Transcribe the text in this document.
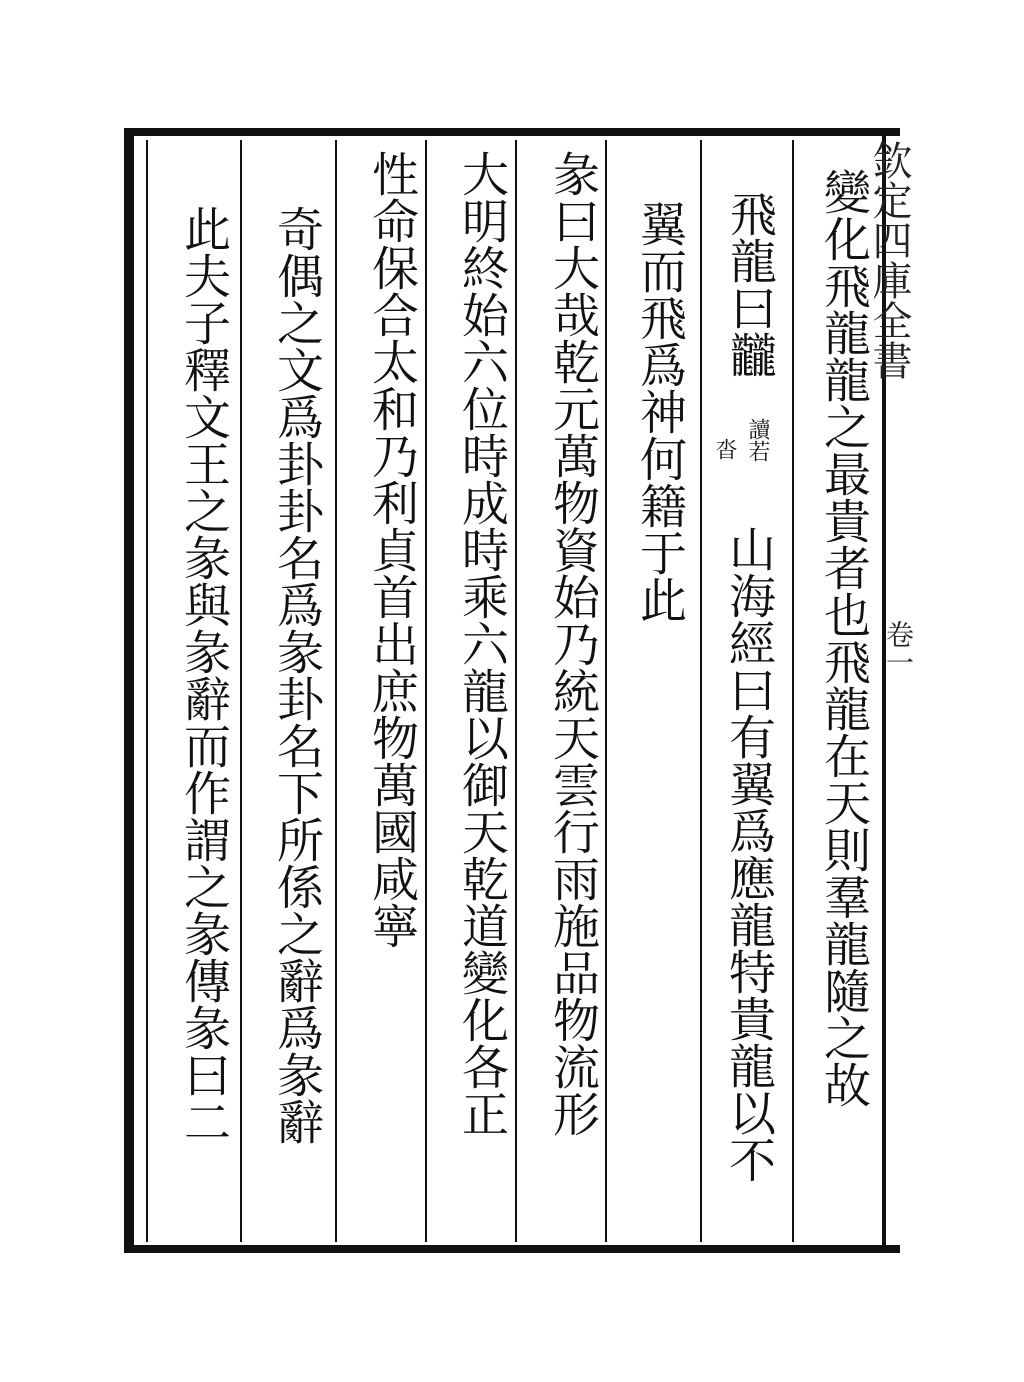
變化飛龍龍之最貴者也飛龍在天則羣龍隨之故
飛龍曰龖
讀若
沓
山海經曰有翼爲應龍特貴龍以不
翼而飛爲神何籍于此
彖曰大哉乾元萬物資始乃統天雲行雨施品物流形
大明終始六位時成時乘六龍以御天乾道變化各正
性命保合太和乃利貞首出庶物萬國咸寧
奇偶之文爲卦卦名爲彖卦名下所係之辭爲彖辭
此夫子釋文王之彖與彖辭而作謂之彖傳彖曰二	欽定四庫全書
卷一
